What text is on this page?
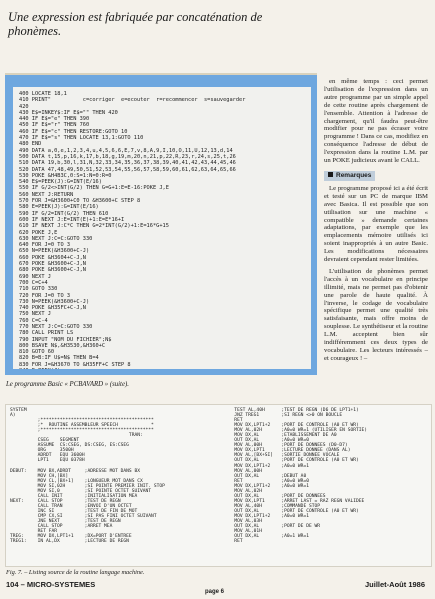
Une expression est fabriquée par concaténation de phonèmes.
400 LOCATE 18,1
410 PRINT"          c=corriger  e=ecouter  r=recommencer  s=sauvegarder
420
430 E$=INKEY$:IF E$="" THEN 420
440 IF E$="e" THEN 390
450 IF E$="r" THEN 760
460 IF E$="c" THEN RESTORE:GOTO 10
470 IF E$="s" THEN LOCATE 13,1:GOTO 110
480 END
490 DATA a,0,e,1,2,3,4,u,4,5,6,6,E,7,v,8,A,9,I,10,O,11,U,12,13,d,14
500 DATA t,15,p,16,k,17,b,18,g,19,m,20,n,21,p,22,R,23,r,24,s,25,t,26
510 DATA 19,b,30,l,31,N,32,33,34,35,36,37,38,39,40,41,42,43,44,45,46
520 DATA 47,48,49,50,51,52,53,54,55,56,57,58,59,60,61,62,63,64,65,66
530 POKE &H4B3C,0:S=1:N=0:R=0
540 E$=PEEK(J):G=INT(E/16)
550 IF G/2<>INT(G/2) THEN G=G+1:E=E-16:POKE J,E
560 NEXT J:RETURN
570 FOR J=&H3600+C0 TO &H3600+C STEP 8
580 E=PEEK(J):G=INT(E/16)
590 IF G/2=INT(G/2) THEN 610
600 IF NEXT J:E=INT(E)+1:E=E*16+I
610 IF NEXT J:C*C THEN G=2*INT(G/2)+1:E=16*G+15
620 POKE J,E
630 NEXT J:C=C:GOTO 330
640 FOR J=0 TO 3
650 N=PEEK(&H3600+C-J)
660 POKE &H3604+C-J,N
670 POKE &H3600+C-J,N
680 POKE &H3600+C-J,N
690 NEXT J
700 C=C+4
710 GOTO 330
720 FOR J=0 TO 3
730 N=PEEK(&H3600+C-J)
740 POKE &H35FC+C-J,N
750 NEXT J
760 C=C-4
770 NEXT J:C=C:GOTO 330
780 CALL PRINT LS
790 INPUT "NOM DU FICHIER";N$
800 BSAVE N$,&H3530,&H360+C
810 GOTO 60
820 B=B:IF U$=N$ THEN B=4
830 FOR J=&H3670 TO &H35FF+C STEP 8

en même temps : ceci permet l'utilisation de l'expression dans un autre programme par un simple appel de cette routine après chargement de l'ensemble. Attention à l'adresse de chargement, qu'il faudra peut-être modifier pour ne pas écraser votre programme ! Dans ce cas, modifiez en conséquence l'adresse de début de l'expression dans la routine L.M. par un POKE judicieux avant le CALL.

Remarques

Le programme proposé ici a été écrit et testé sur un PC de marque IBM avec Basica. Il est possible que son utilisation sur une machine « compatible » demande certaines adaptations, par exemple que les emplacements mémoire utilisés ici soient inappropriés à un autre Basic. Les modifications nécessaires devraient cependant rester limitées.

L'utilisation de phonèmes permet l'accès à un vocabulaire en principe illimité, mais ne permet pas d'obtenir une parole de haute qualité. À l'inverse, le codage de vocabulaire spécifique permet une qualité très satisfaisante, mais offre moins de souplesse. Le synthétiseur et la routine L.M. acceptent bien sûr indifféremment ces deux types de vocabulaire. Les lecteurs intéressés – et courageux ! –

Le programme Basic « PCBAVARD » (suite).
SYSTEM
A)
;*****************************************
;*  ROUTINE ASSEMBLEUR SPEECH            *
;*****************************************
TRAN:
CSEG    SEGMENT
ASSUME  CS:CSEG, DS:CSEG, ES:CSEG
ORG     3500H
ADRDT   EQU 3600H
LPT1    EQU 0378H

DEBUT:    MOV BX,ADRDT     ;ADRESSE MOT DANS BX
MOV CH,[BX]
MOV CL,[BX+1]    ;LONGUEUR MOT DANS CX
MOV SI,02H       ;SI POINTE PREMIER INIT. STOP
MOV SI,0         ;SI POINTE OCTET SUIVANT
CALL INIT        ;INITIALISATION MEA
NEXT:     CALL STOP        ;TEST DE REGN
CALL TRAN        ;ENVOI D'UN OCTET
INC SI           ;TEST DE FIN DE MOT
CMP CX,SI        ;SI PAS FINI OCTET SUIVANT
JNE NEXT         ;TEST DE REGN
CALL STOP        ;ARRET MEA
RET FAR
TREG:     MOV DX,LPT1+1    ;DX=PORT D'ENTREE
TREG1:    IN AL,DX         ;LECTURE DE REGN
TEST AL,40H      ;TEST DE REGN (D6 DE LPT1+1)
JNZ TREG1        ;SI REGN <>0 ON BOUCLE
RET
MOV DX,LPT1+2    ;PORT DE CONTROLE (A0 ET WR)
MOV AL,02H       ;A0=0 WR=1 (UTILISER EN SORTIE)
MOV DX,AL        ;ETABLISSEMENT DE A0
OUT DX,AL        ;A0=0 WR=0
MOV AL,00H       ;PORT DE DONNEES (D0-D7)
MOV DX,LPT1      ;LECTURE DONNEE (DANS AL)
MOV AL,[BX+SI]   ;SORTIE DONNEE VOCALE
OUT DX,AL        ;PORT DE CONTROLE (A0 ET WR)
MOV DX,LPT1+2    ;A0=0 WR=1
MOV AL,00H
OUT DX,AL        ;DEBUT A0
RET              ;A0=0 WR=0
MOV DX,LPT1+2    ;A0=0 WR=1
MOV AL,02H
OUT DX,AL        ;PORT DE DONNEES
MOV DX,LPT1      ;ARRET LAST = RAZ REGN VALIDEE
MOV AL,40H       ;COMMANDE STOP
OUT DX,AL        ;PORT DE CONTROLE (A0 ET WR)
MOV DX,LPT1+2    ;A0=0 WR=1
MOV AL,03H
OUT DX,AL        ;PORT DE DE WR
MOV AL,01H
OUT DX,AL        ;A0=1 WR=1
RET
Fig. 7. – Listing source de la routine langage machine.
104 – MICRO-SYSTEMES	Juillet-Août 1986
page 6
